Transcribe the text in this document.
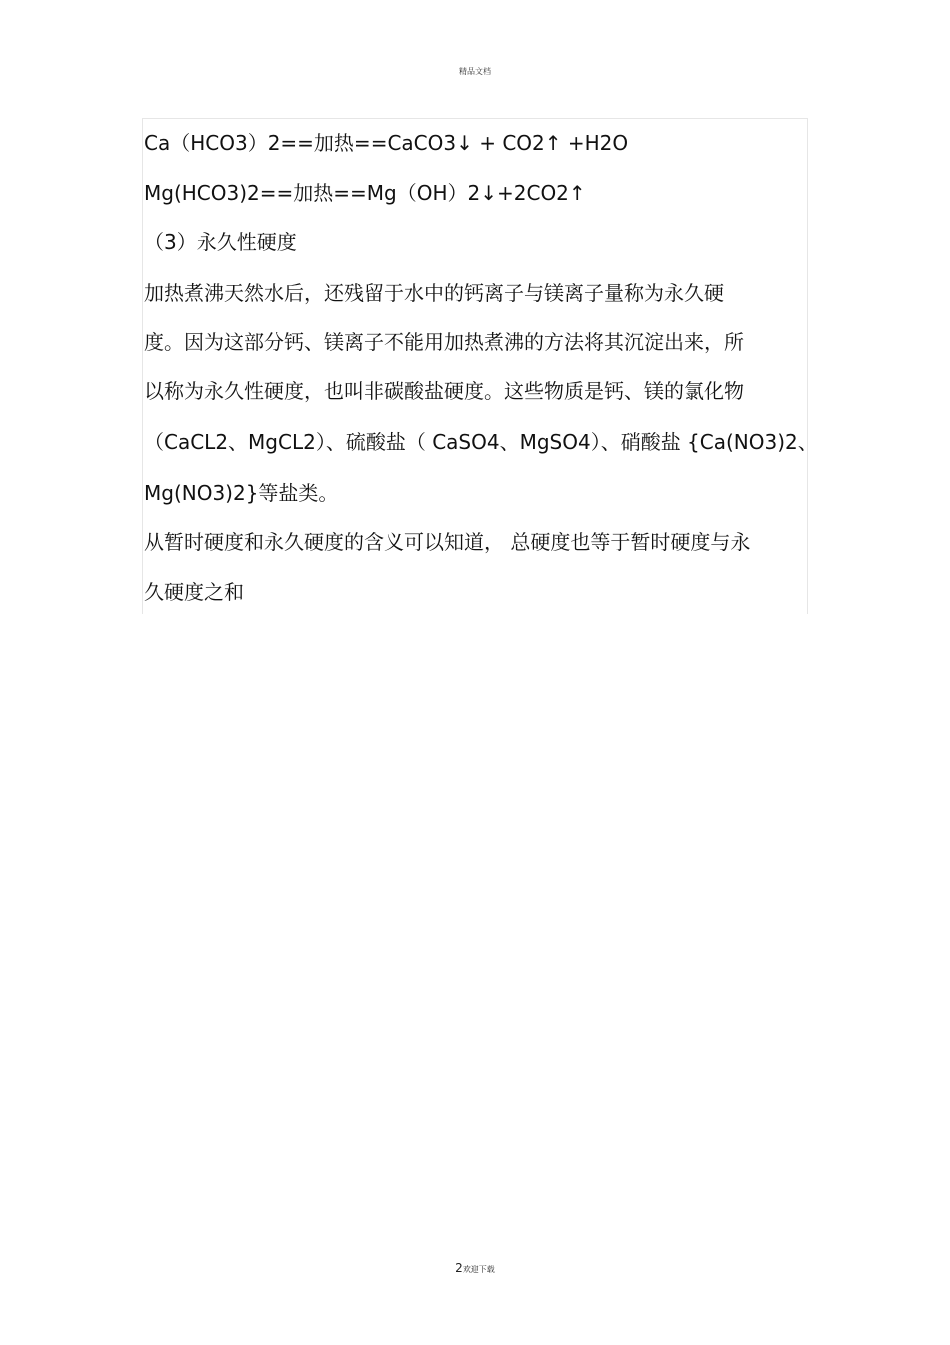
精品文档
Ca（HCO3）2==加热==CaCO3↓ + CO2↑ +H2O
Mg(HCO3)2==加热==Mg（OH）2↓+2CO2↑
（3）永久性硬度
加热煮沸天然水后，还残留于水中的钙离子与镁离子量称为永久硬
度。因为这部分钙、镁离子不能用加热煮沸的方法将其沉淀出来，所
以称为永久性硬度，也叫非碳酸盐硬度。这些物质是钙、镁的氯化物
（CaCL2、MgCL2）、硫酸盐（ CaSO4、MgSO4）、硝酸盐 {Ca(NO3)2、
Mg(NO3)2}等盐类。
从暂时硬度和永久硬度的含义可以知道， 总硬度也等于暂时硬度与永
久硬度之和
2欢迎下载
